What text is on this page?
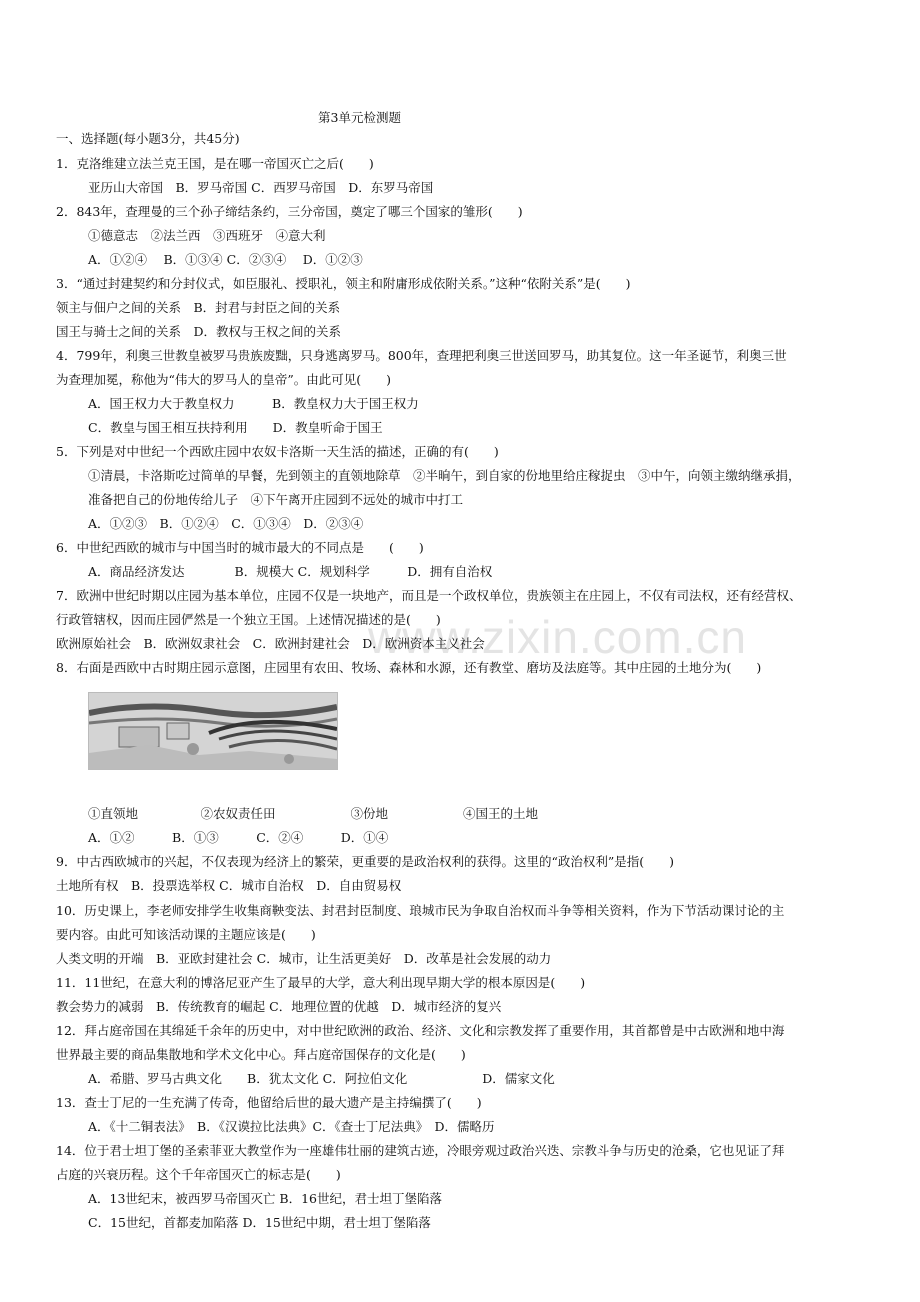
www.zixin.com.cn
第3单元检测题
一、选择题(每小题3分，共45分)
1．克洛维建立法兰克王国，是在哪一帝国灭亡之后(　　)
亚历山大帝国　B．罗马帝国 C．西罗马帝国　D．东罗马帝国
2．843年，查理曼的三个孙子缔结条约，三分帝国，奠定了哪三个国家的雏形(　　)
①德意志　②法兰西　③西班牙　④意大利
A．①②④　 B．①③④ C．②③④　 D．①②③
3．“通过封建契约和分封仪式，如臣服礼、授职礼，领主和附庸形成依附关系。”这种“依附关系”是(　　)
领主与佃户之间的关系　B．封君与封臣之间的关系
国王与骑士之间的关系　D．教权与王权之间的关系
4．799年，利奥三世教皇被罗马贵族废黜，只身逃离罗马。800年，查理把利奥三世送回罗马，助其复位。这一年圣诞节，利奥三世
为查理加冕，称他为“伟大的罗马人的皇帝”。由此可见(　　)
A．国王权力大于教皇权力　　　B．教皇权力大于国王权力
C．教皇与国王相互扶持利用　　D．教皇听命于国王
5．下列是对中世纪一个西欧庄园中农奴卡洛斯一天生活的描述，正确的有(　　)
①清晨，卡洛斯吃过简单的早餐，先到领主的直领地除草　②半晌午，到自家的份地里给庄稼捉虫　③中午，向领主缴纳继承捐，
准备把自己的份地传给儿子　④下午离开庄园到不远处的城市中打工
A．①②③　B．①②④　C．①③④　D．②③④
6．中世纪西欧的城市与中国当时的城市最大的不同点是　　(　　)
A．商品经济发达　　　　B．规模大 C．规划科学　　　D．拥有自治权
7．欧洲中世纪时期以庄园为基本单位，庄园不仅是一块地产，而且是一个政权单位，贵族领主在庄园上，不仅有司法权，还有经营权、
行政管辖权，因而庄园俨然是一个独立王国。上述情况描述的是(　　)
欧洲原始社会　B．欧洲奴隶社会　C．欧洲封建社会　D．欧洲资本主义社会
8．右面是西欧中古时期庄园示意图，庄园里有农田、牧场、森林和水源，还有教堂、磨坊及法庭等。其中庄园的土地分为(　　)
①直领地　　　　　②农奴责任田　　　　　　③份地　　　　　　④国王的土地
A．①②　　　B．①③　　　C．②④　　　D．①④
9．中古西欧城市的兴起，不仅表现为经济上的繁荣，更重要的是政治权利的获得。这里的“政治权利”是指(　　)
土地所有权　B．投票选举权 C．城市自治权　D．自由贸易权
10．历史课上，李老师安排学生收集商鞅变法、封君封臣制度、琅城市民为争取自治权而斗争等相关资料，作为下节活动课讨论的主
要内容。由此可知该活动课的主题应该是(　　)
人类文明的开端　B．亚欧封建社会 C．城市，让生活更美好　D．改革是社会发展的动力
11．11世纪，在意大利的博洛尼亚产生了最早的大学，意大利出现早期大学的根本原因是(　　)
教会势力的减弱　B．传统教育的崛起 C．地理位置的优越　D．城市经济的复兴
12．拜占庭帝国在其绵延千余年的历史中，对中世纪欧洲的政治、经济、文化和宗教发挥了重要作用，其首都曾是中古欧洲和地中海
世界最主要的商品集散地和学术文化中心。拜占庭帝国保存的文化是(　　)
A．希腊、罗马古典文化　　B．犹太文化 C．阿拉伯文化　　　　　　D．儒家文化
13．查士丁尼的一生充满了传奇，他留给后世的最大遗产是主持编撰了(　　)
A．《十二铜表法》　B．《汉谟拉比法典》C．《查士丁尼法典》　D．儒略历
14．位于君士坦丁堡的圣索菲亚大教堂作为一座雄伟壮丽的建筑古迹，冷眼旁观过政治兴迭、宗教斗争与历史的沧桑，它也见证了拜
占庭的兴衰历程。这个千年帝国灭亡的标志是(　　)
A．13世纪末，被西罗马帝国灭亡 B．16世纪，君士坦丁堡陷落
C．15世纪，首都麦加陷落 D．15世纪中期，君士坦丁堡陷落
